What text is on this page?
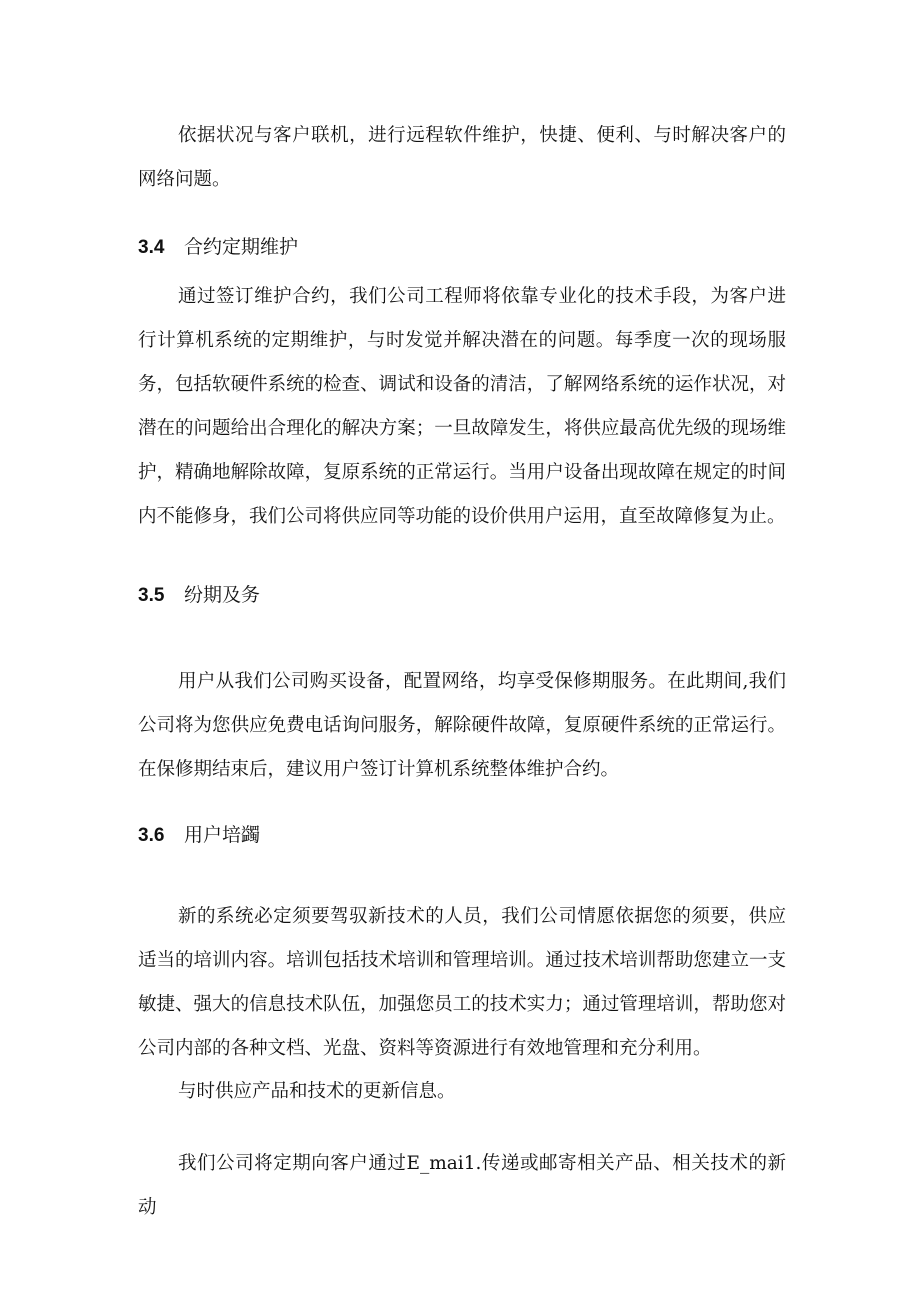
依据状况与客户联机，进行远程软件维护，快捷、便利、与时解决客户的网络问题。

3.4 合约定期维护

通过签订维护合约，我们公司工程师将依靠专业化的技术手段，为客户进行计算机系统的定期维护，与时发觉并解决潜在的问题。每季度一次的现场服务，包括软硬件系统的检查、调试和设备的清洁，了解网络系统的运作状况，对潜在的问题给出合理化的解决方案；一旦故障发生，将供应最高优先级的现场维护，精确地解除故障，复原系统的正常运行。当用户设备出现故障在规定的时间内不能修身，我们公司将供应同等功能的设价供用户运用，直至故障修复为止。

3.5 纷期及务

用户从我们公司购买设备，配置网络，均享受保修期服务。在此期间,我们公司将为您供应免费电话询问服务，解除硬件故障，复原硬件系统的正常运行。在保修期结束后，建议用户签订计算机系统整体维护合约。

3.6 用户培蠲

新的系统必定须要驾驭新技术的人员，我们公司情愿依据您的须要，供应适当的培训内容。培训包括技术培训和管理培训。通过技术培训帮助您建立一支敏捷、强大的信息技术队伍，加强您员工的技术实力；通过管理培训，帮助您对公司内部的各种文档、光盘、资料等资源进行有效地管理和充分利用。

与时供应产品和技术的更新信息。

我们公司将定期向客户通过E_mai1.传递或邮寄相关产品、相关技术的新动
